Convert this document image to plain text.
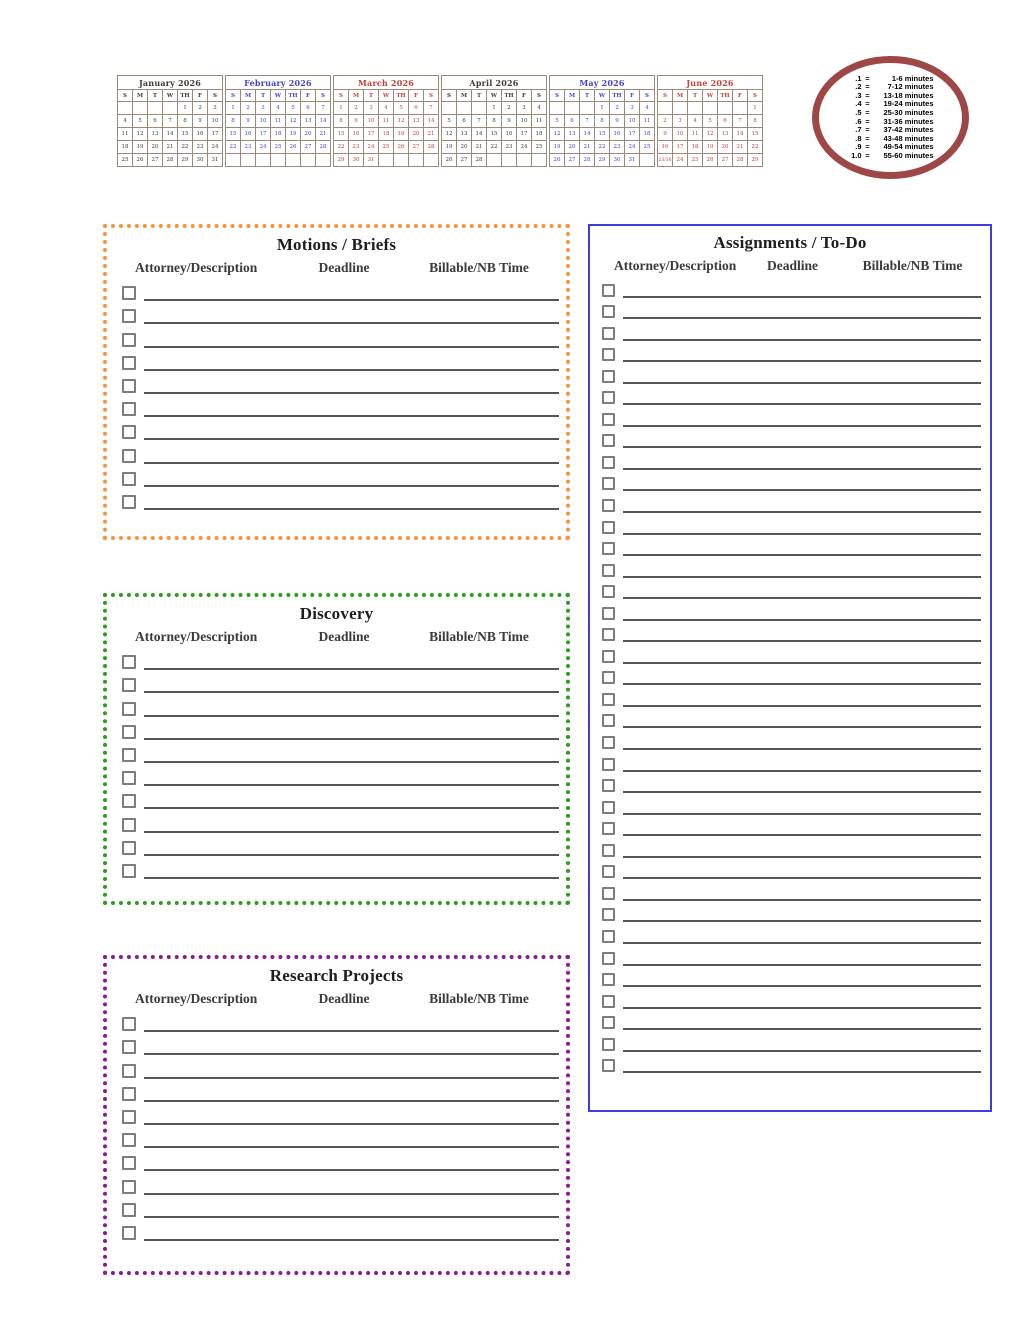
January 2026						
S	M	T	W	TH	F	S
				1	2	3
4	5	6	7	8	9	10
11	12	13	14	15	16	17
18	19	20	21	22	23	24
25	26	27	28	29	30	31
February 2026						
S	M	T	W	TH	F	S
1	2	3	4	5	6	7
8	9	10	11	12	13	14
15	16	17	18	19	20	21
22	23	24	25	26	27	28

March 2026						
S	M	T	W	TH	F	S
1	2	3	4	5	6	7
8	9	10	11	12	13	14
15	16	17	18	19	20	21
22	23	24	25	26	27	28
29	30	31				
April 2026						
S	M	T	W	TH	F	S
			1	2	3	4
5	6	7	8	9	10	11
12	13	14	15	16	17	18
19	20	21	22	23	24	25
26	27	28				
May 2026						
S	M	T	W	TH	F	S
			1	2	3	4
5	6	7	8	9	10	11
12	13	14	15	16	17	18
19	20	21	22	23	24	25
26	27	28	29	30	31	
June 2026						
S	M	T	W	TH	F	S
						1
2	3	4	5	6	7	8
9	10	11	12	13	14	15
16	17	18	19	20	21	22
23/30	24	25	26	27	28	29
.1 =	1-6 minutes
.2 =	7-12 minutes
.3 =	13-18 minutes
.4 =	19-24 minutes
.5 =	25-30 minutes
.6 =	31-36 minutes
.7 =	37-42 minutes
.8 =	43-48 minutes
.9 =	49-54 minutes
1.0 =	55-60 minutes
Motions / Briefs
Attorney/Description	Deadline	Billable/NB Time
Discovery
Attorney/Description	Deadline	Billable/NB Time
Research Projects
Attorney/Description	Deadline	Billable/NB Time
Assignments / To-Do
Attorney/Description	Deadline	Billable/NB Time
